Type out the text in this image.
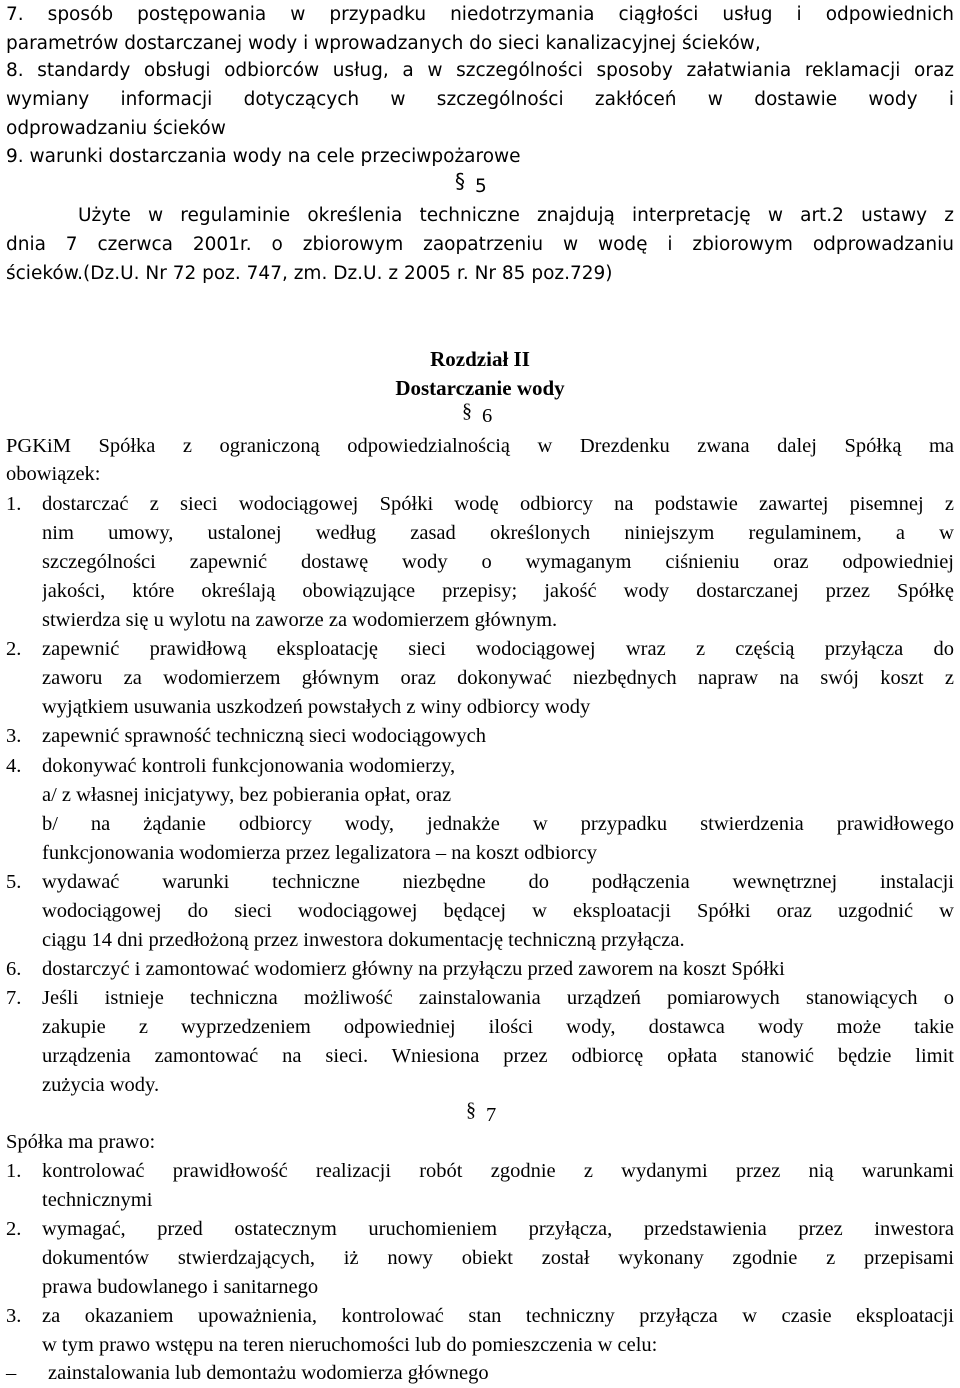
7. sposób postępowania w przypadku niedotrzymania ciągłości usług i odpowiednich
parametrów dostarczanej wody i wprowadzanych do sieci kanalizacyjnej ścieków,
8. standardy obsługi odbiorców usług, a w szczególności sposoby załatwiania reklamacji oraz
wymiany informacji dotyczących w szczególności zakłóceń w dostawie wody i
odprowadzaniu ścieków
9. warunki dostarczania wody na cele przeciwpożarowe
§ 5
Użyte w regulaminie określenia techniczne znajdują interpretację w art.2 ustawy z
dnia 7 czerwca 2001r. o zbiorowym zaopatrzeniu w wodę i zbiorowym odprowadzaniu
ścieków.(Dz.U. Nr 72 poz. 747, zm. Dz.U. z 2005 r. Nr 85 poz.729)
Rozdział II
Dostarczanie wody
§ 6
PGKiM Spółka z ograniczoną odpowiedzialnością w Drezdenku zwana dalej Spółką ma
obowiązek:
1.	dostarczać z sieci wodociągowej Spółki wodę odbiorcy na podstawie zawartej pisemnej z
nim umowy, ustalonej według zasad określonych niniejszym regulaminem, a w
szczególności zapewnić dostawę wody o wymaganym ciśnieniu oraz odpowiedniej
jakości, które określają obowiązujące przepisy; jakość wody dostarczanej przez Spółkę
stwierdza się u wylotu na zaworze za wodomierzem głównym.
2.	zapewnić prawidłową eksploatację sieci wodociągowej wraz z częścią przyłącza do
zaworu za wodomierzem głównym oraz dokonywać niezbędnych napraw na swój koszt z
wyjątkiem usuwania uszkodzeń powstałych z winy odbiorcy wody
3.	zapewnić sprawność techniczną sieci wodociągowych
4.	dokonywać kontroli funkcjonowania wodomierzy,
a/ z własnej inicjatywy, bez pobierania opłat, oraz
b/ na żądanie odbiorcy wody, jednakże w przypadku stwierdzenia prawidłowego
funkcjonowania wodomierza przez legalizatora – na koszt odbiorcy
5.	wydawać warunki techniczne niezbędne do podłączenia wewnętrznej instalacji
wodociągowej do sieci wodociągowej będącej w eksploatacji Spółki oraz uzgodnić w
ciągu 14 dni przedłożoną przez inwestora dokumentację techniczną przyłącza.
6.	dostarczyć i zamontować wodomierz główny na przyłączu przed zaworem na koszt Spółki
7.	Jeśli istnieje techniczna możliwość zainstalowania urządzeń pomiarowych stanowiących o
zakupie z wyprzedzeniem odpowiedniej ilości wody, dostawca wody może takie
urządzenia zamontować na sieci. Wniesiona przez odbiorcę opłata stanowić będzie limit
zużycia wody.
§ 7
Spółka ma prawo:
1.	kontrolować prawidłowość realizacji robót zgodnie z wydanymi przez nią warunkami
technicznymi
2.	wymagać, przed ostatecznym uruchomieniem przyłącza, przedstawienia przez inwestora
dokumentów stwierdzających, iż nowy obiekt został wykonany zgodnie z przepisami
prawa budowlanego i sanitarnego
3.	za okazaniem upoważnienia, kontrolować stan techniczny przyłącza w czasie eksploatacji
w tym prawo wstępu na teren nieruchomości lub do pomieszczenia w celu:
–	zainstalowania lub demontażu wodomierza głównego
